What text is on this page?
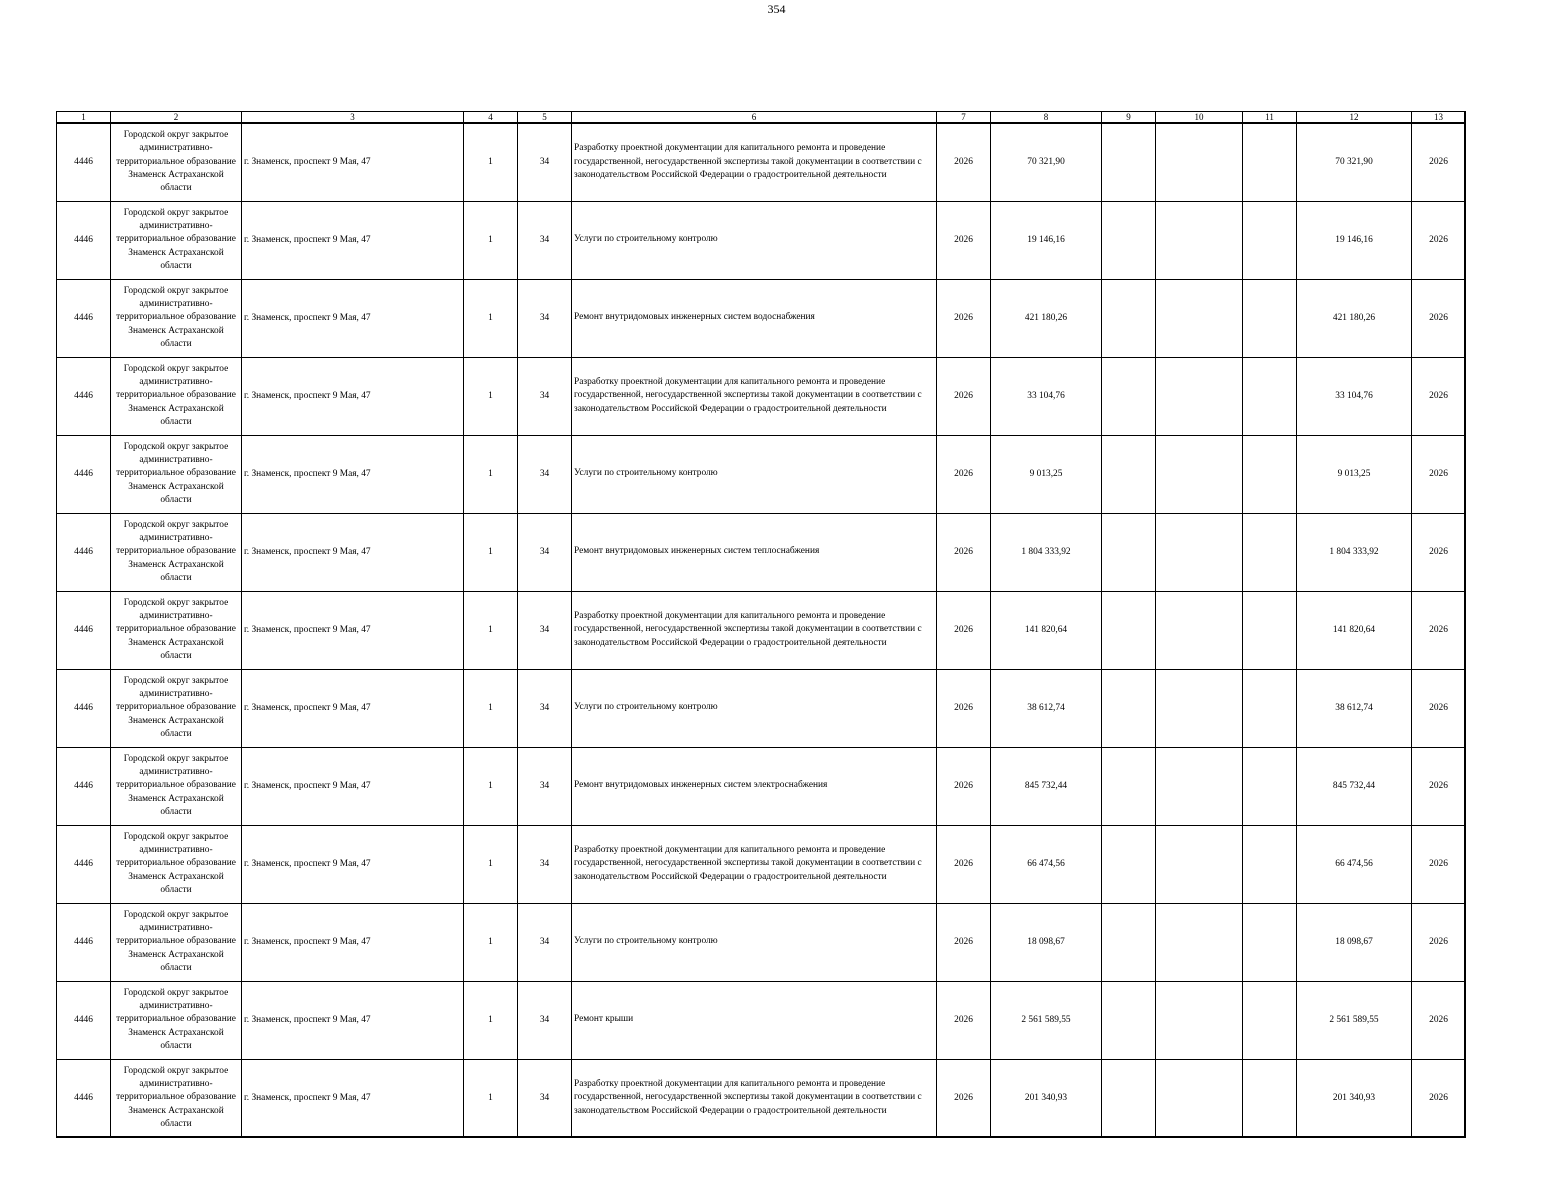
354
1	2	3	4	5	6	7	8	9	10	11	12	13
4446	Городской округ закрытое административно-территориальное образование Знаменск Астраханской области	г. Знаменск, проспект 9 Мая, 47	1	34	Разработку проектной документации для капитального ремонта и проведение государственной, негосударственной экспертизы такой документации в соответствии с законодательством Российской Федерации о градостроительной деятельности	2026	70 321,90				70 321,90	2026
4446	Городской округ закрытое административно-территориальное образование Знаменск Астраханской области	г. Знаменск, проспект 9 Мая, 47	1	34	Услуги по строительному контролю	2026	19 146,16				19 146,16	2026
4446	Городской округ закрытое административно-территориальное образование Знаменск Астраханской области	г. Знаменск, проспект 9 Мая, 47	1	34	Ремонт внутридомовых инженерных систем водоснабжения	2026	421 180,26				421 180,26	2026
4446	Городской округ закрытое административно-территориальное образование Знаменск Астраханской области	г. Знаменск, проспект 9 Мая, 47	1	34	Разработку проектной документации для капитального ремонта и проведение государственной, негосударственной экспертизы такой документации в соответствии с законодательством Российской Федерации о градостроительной деятельности	2026	33 104,76				33 104,76	2026
4446	Городской округ закрытое административно-территориальное образование Знаменск Астраханской области	г. Знаменск, проспект 9 Мая, 47	1	34	Услуги по строительному контролю	2026	9 013,25				9 013,25	2026
4446	Городской округ закрытое административно-территориальное образование Знаменск Астраханской области	г. Знаменск, проспект 9 Мая, 47	1	34	Ремонт внутридомовых инженерных систем теплоснабжения	2026	1 804 333,92				1 804 333,92	2026
4446	Городской округ закрытое административно-территориальное образование Знаменск Астраханской области	г. Знаменск, проспект 9 Мая, 47	1	34	Разработку проектной документации для капитального ремонта и проведение государственной, негосударственной экспертизы такой документации в соответствии с законодательством Российской Федерации о градостроительной деятельности	2026	141 820,64				141 820,64	2026
4446	Городской округ закрытое административно-территориальное образование Знаменск Астраханской области	г. Знаменск, проспект 9 Мая, 47	1	34	Услуги по строительному контролю	2026	38 612,74				38 612,74	2026
4446	Городской округ закрытое административно-территориальное образование Знаменск Астраханской области	г. Знаменск, проспект 9 Мая, 47	1	34	Ремонт внутридомовых инженерных систем электроснабжения	2026	845 732,44				845 732,44	2026
4446	Городской округ закрытое административно-территориальное образование Знаменск Астраханской области	г. Знаменск, проспект 9 Мая, 47	1	34	Разработку проектной документации для капитального ремонта и проведение государственной, негосударственной экспертизы такой документации в соответствии с законодательством Российской Федерации о градостроительной деятельности	2026	66 474,56				66 474,56	2026
4446	Городской округ закрытое административно-территориальное образование Знаменск Астраханской области	г. Знаменск, проспект 9 Мая, 47	1	34	Услуги по строительному контролю	2026	18 098,67				18 098,67	2026
4446	Городской округ закрытое административно-территориальное образование Знаменск Астраханской области	г. Знаменск, проспект 9 Мая, 47	1	34	Ремонт крыши	2026	2 561 589,55				2 561 589,55	2026
4446	Городской округ закрытое административно-территориальное образование Знаменск Астраханской области	г. Знаменск, проспект 9 Мая, 47	1	34	Разработку проектной документации для капитального ремонта и проведение государственной, негосударственной экспертизы такой документации в соответствии с законодательством Российской Федерации о градостроительной деятельности	2026	201 340,93				201 340,93	2026
